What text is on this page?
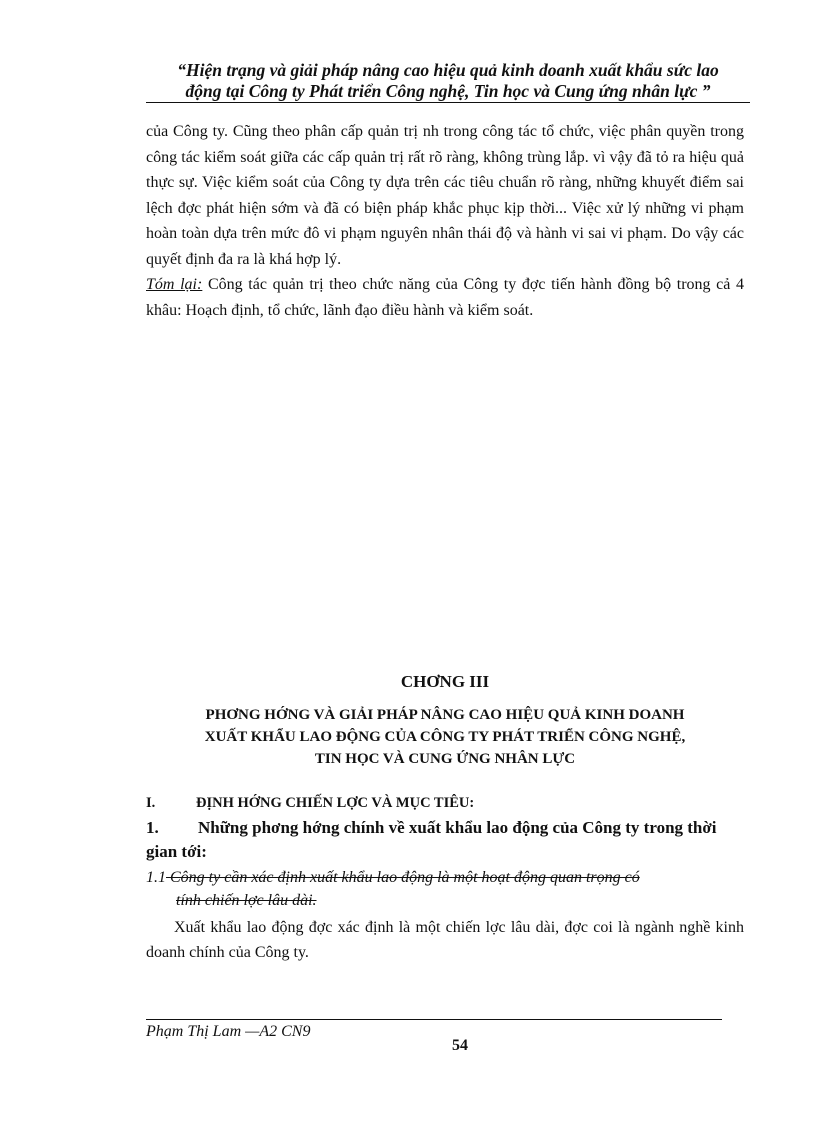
“Hiện trạng và giải pháp nâng cao hiệu quả kinh doanh xuất khẩu sức lao
động tại Công ty Phát triển Công nghệ, Tin học và Cung ứng nhân lực ”

của Công ty. Cũng theo phân cấp quản trị nh trong công tác tổ chức, việc phân quyền trong công tác kiểm soát giữa các cấp quản trị rất rõ ràng, không trùng lắp. vì vậy đã tỏ ra hiệu quả thực sự. Việc kiểm soát của Công ty dựa trên các tiêu chuẩn rõ ràng, những khuyết điểm sai lệch đợc phát hiện sớm và đã có biện pháp khắc phục kịp thời... Việc xử lý những vi phạm hoàn toàn dựa trên mức đô vi phạm nguyên nhân thái độ và hành vi sai vi phạm. Do vậy các quyết định đa ra là khá hợp lý.

Tóm lại: Công tác quản trị theo chức năng của Công ty đợc tiến hành đồng bộ trong cả 4 khâu: Hoạch định, tổ chức, lãnh đạo điều hành và kiểm soát.

CHƠNG III
PHƠNG HỚNG VÀ GIẢI PHÁP NÂNG CAO HIỆU QUẢ KINH DOANH
XUẤT KHẨU LAO ĐỘNG CỦA CÔNG TY PHÁT TRIỂN CÔNG NGHỆ,
TIN HỌC VÀ CUNG ỨNG NHÂN LỰC
I.	ĐỊNH HỚNG CHIẾN LỢC VÀ MỤC TIÊU:
1. Những phơng hớng chính về xuất khẩu lao động của Công ty trong thời gian tới:
1.1 Công ty cần xác định xuất khẩu lao động là một hoạt động quan trọng có
tính chiến lợc lâu dài.

Xuất khẩu lao động đợc xác định là một chiến lợc lâu dài, đợc coi là ngành nghề kinh doanh chính của Công ty.

Phạm Thị Lam —A2 CN9
54
